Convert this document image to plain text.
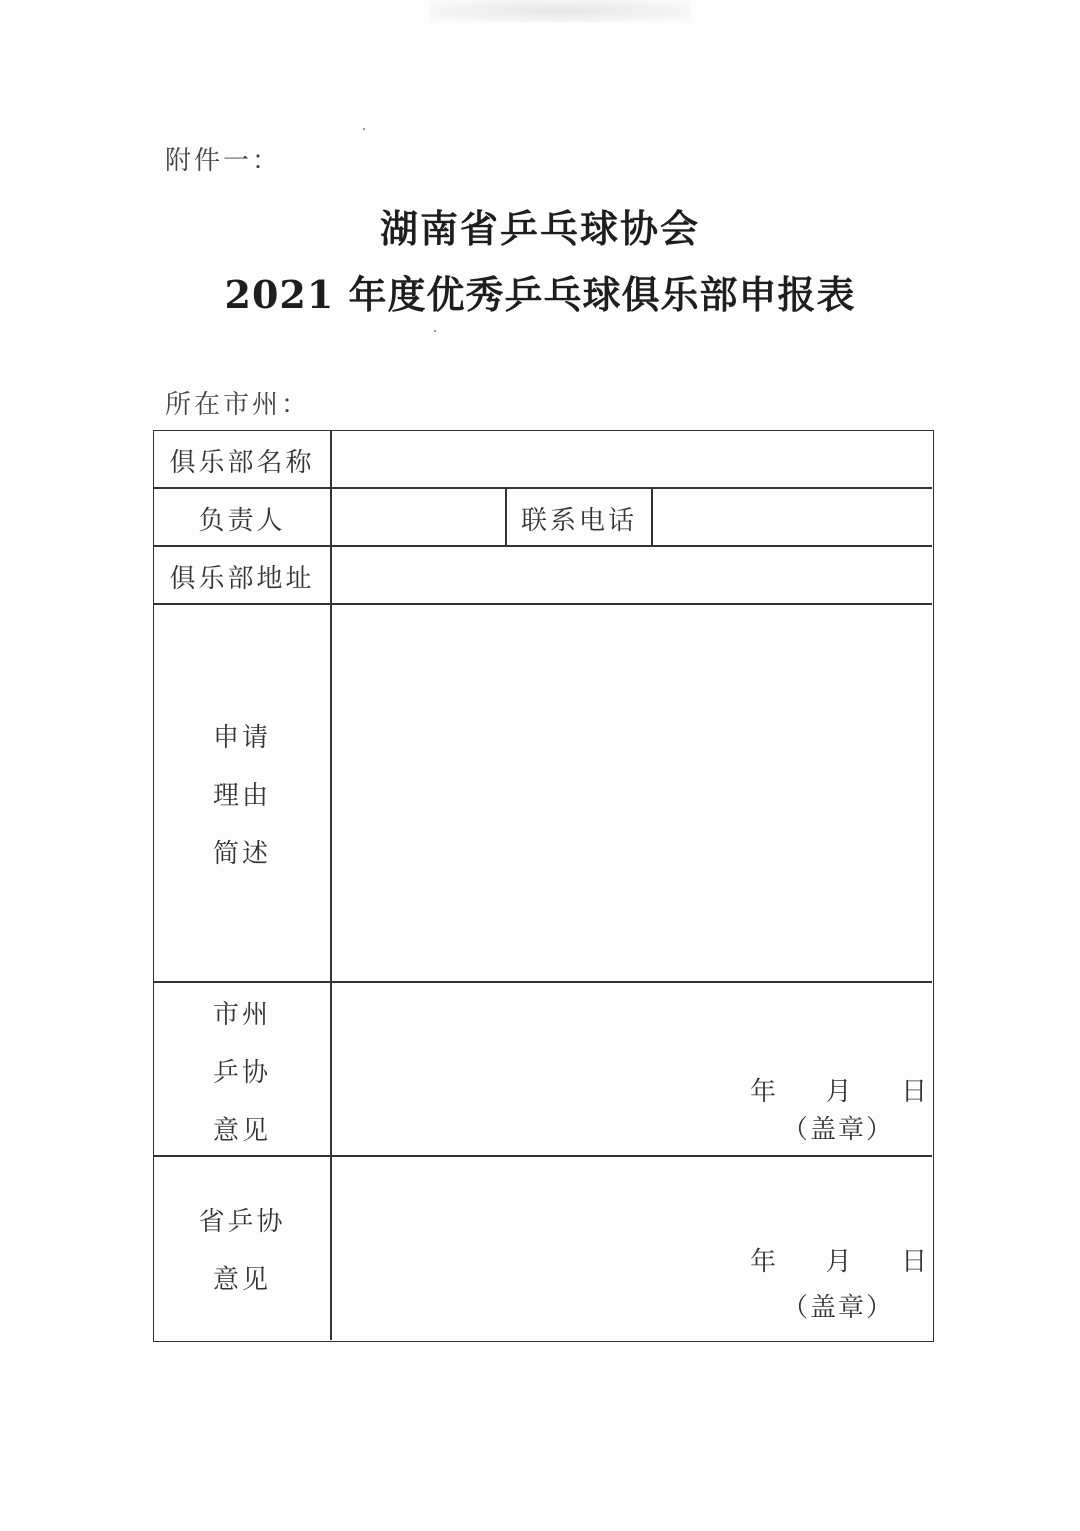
附件一：
湖南省乒乓球协会
2021 年度优秀乒乓球俱乐部申报表
所在市州：
俱乐部名称
负责人	联系电话
俱乐部地址
申请
理由
简述
市州
乒协
意见
年      月      日
（盖章）
省乒协
意见
年      月      日
（盖章）
